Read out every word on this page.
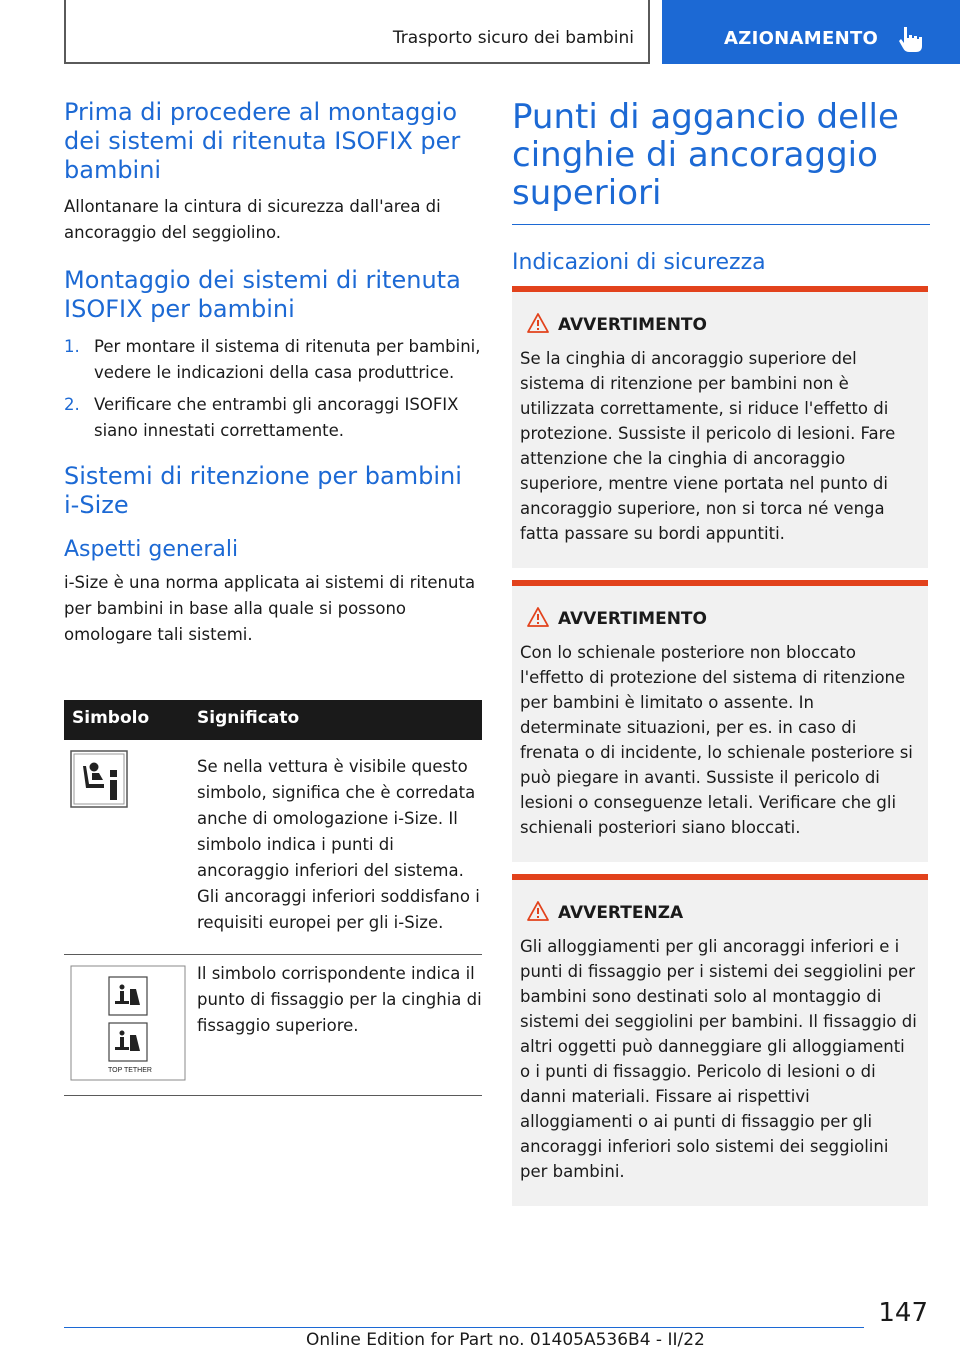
Trasporto sicuro dei bambini	AZIONAMENTO
Prima di procedere al montaggio dei sistemi di ritenuta ISOFIX per bambini

Allontanare la cintura di sicurezza dall'area di ancoraggio del seggiolino.

Montaggio dei sistemi di ritenuta ISOFIX per bambini
1. Per montare il sistema di ritenuta per bambini, vedere le indicazioni della casa produttrice.
2. Verificare che entrambi gli ancoraggi ISOFIX siano innestati correttamente.
Sistemi di ritenzione per bambini i-Size
Aspetti generali

i-Size è una norma applicata ai sistemi di ritenuta per bambini in base alla quale si possono omologare tali sistemi.

Simbolo	Significato
Se nella vettura è visibile questo simbolo, significa che è corredata anche di omologazione i-Size. Il simbolo indica i punti di ancoraggio inferiori del sistema. Gli ancoraggi inferiori soddisfano i requisiti europei per gli i-Size.
TOP TETHER
Il simbolo corrispondente indica il punto di fissaggio per la cinghia di fissaggio superiore.
Punti di aggancio delle cinghie di ancoraggio superiori
Indicazioni di sicurezza
AVVERTIMENTO
Se la cinghia di ancoraggio superiore del sistema di ritenzione per bambini non è utilizzata correttamente, si riduce l'effetto di protezione. Sussiste il pericolo di lesioni. Fare attenzione che la cinghia di ancoraggio superiore, mentre viene portata nel punto di ancoraggio superiore, non si torca né venga fatta passare su bordi appuntiti.
AVVERTIMENTO
Con lo schienale posteriore non bloccato l'effetto di protezione del sistema di ritenzione per bambini è limitato o assente. In determinate situazioni, per es. in caso di frenata o di incidente, lo schienale posteriore si può piegare in avanti. Sussiste il pericolo di lesioni o conseguenze letali. Verificare che gli schienali posteriori siano bloccati.
AVVERTENZA
Gli alloggiamenti per gli ancoraggi inferiori e i punti di fissaggio per i sistemi dei seggiolini per bambini sono destinati solo al montaggio di sistemi dei seggiolini per bambini. Il fissaggio di altri oggetti può danneggiare gli alloggiamenti o i punti di fissaggio. Pericolo di lesioni o di danni materiali. Fissare ai rispettivi alloggiamenti o ai punti di fissaggio per gli ancoraggi inferiori solo sistemi dei seggiolini per bambini.
147
Online Edition for Part no. 01405A536B4 - II/22
